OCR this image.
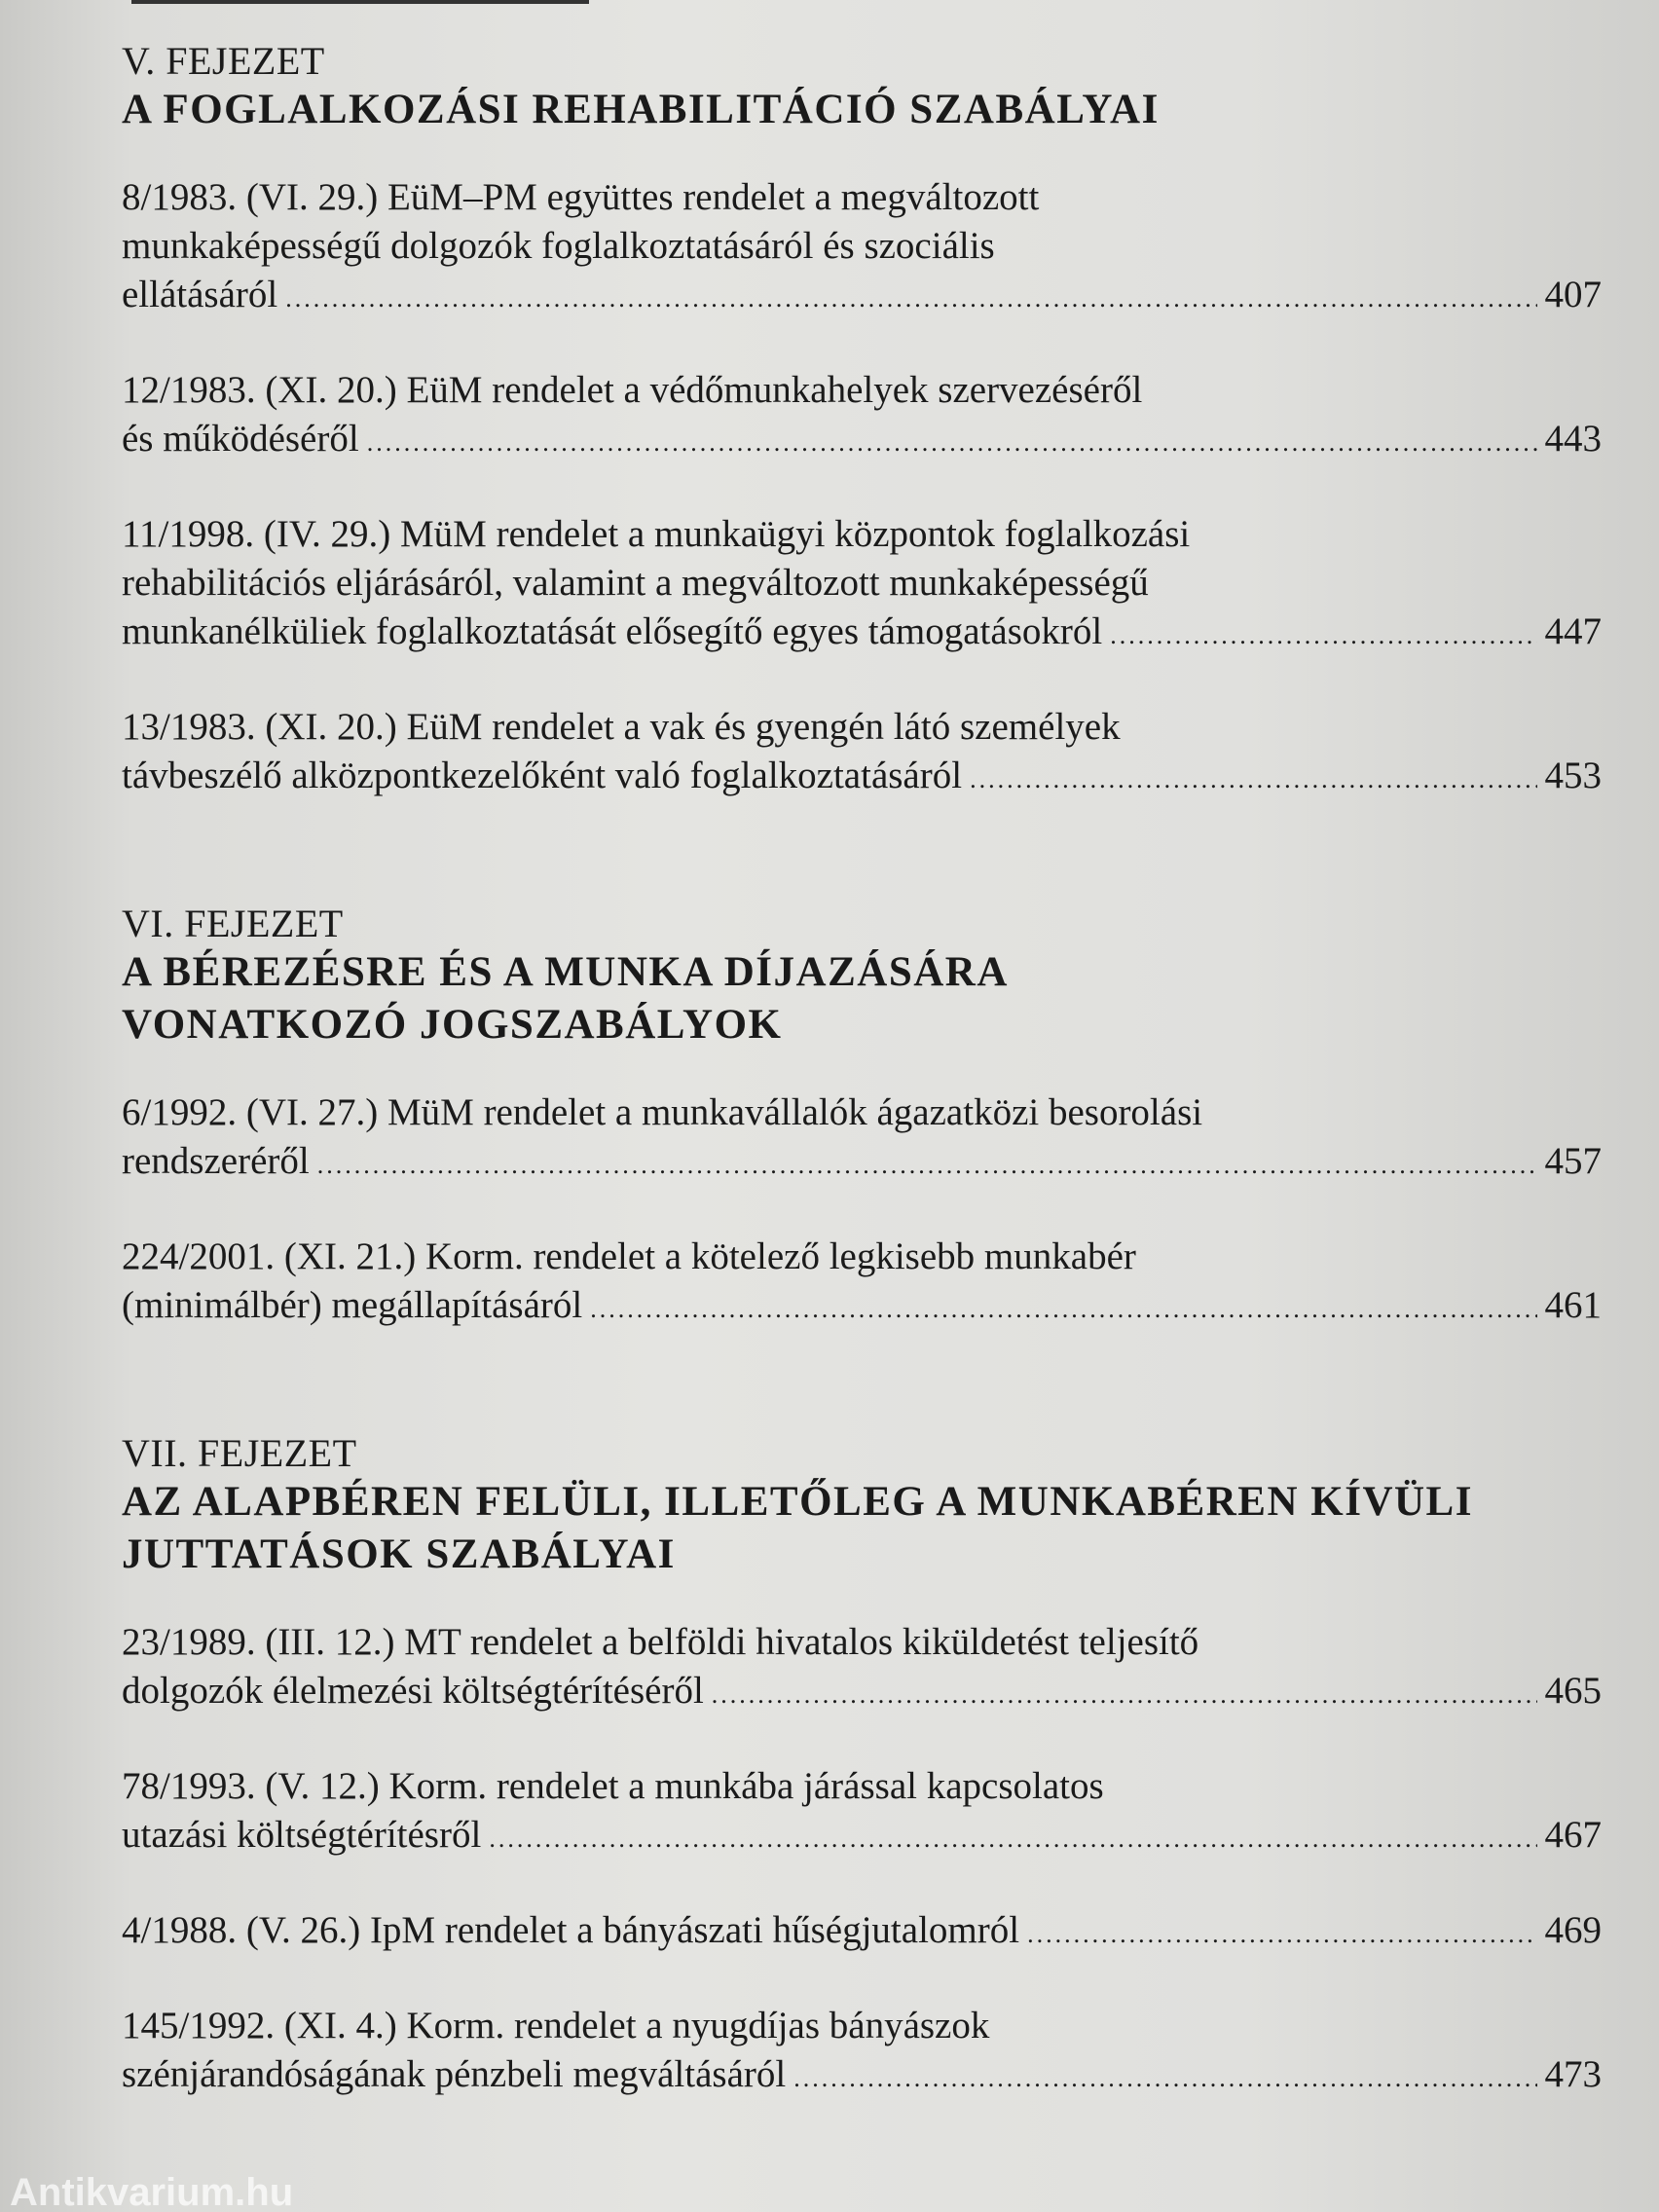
V. FEJEZET
A FOGLALKOZÁSI REHABILITÁCIÓ SZABÁLYAI
8/1983. (VI. 29.) EüM–PM együttes rendelet a megváltozott
munkaképességű dolgozók foglalkoztatásáról és szociális
ellátásáról .....	407
12/1983. (XI. 20.) EüM rendelet a védőmunkahelyek szervezéséről
és működéséről .....	443
11/1998. (IV. 29.) MüM rendelet a munkaügyi központok foglalkozási
rehabilitációs eljárásáról, valamint a megváltozott munkaképességű
munkanélküliek foglalkoztatását elősegítő egyes támogatásokról .....	447
13/1983. (XI. 20.) EüM rendelet a vak és gyengén látó személyek
távbeszélő alközpontkezelőként való foglalkoztatásáról .....	453
VI. FEJEZET
A BÉREZÉSRE ÉS A MUNKA DÍJAZÁSÁRA
VONATKOZÓ JOGSZABÁLYOK
6/1992. (VI. 27.) MüM rendelet a munkavállalók ágazatközi besorolási
rendszeréről .....	457
224/2001. (XI. 21.) Korm. rendelet a kötelező legkisebb munkabér
(minimálbér) megállapításáról .....	461
VII. FEJEZET
AZ ALAPBÉREN FELÜLI, ILLETŐLEG A MUNKABÉREN KÍVÜLI
JUTTATÁSOK SZABÁLYAI
23/1989. (III. 12.) MT rendelet a belföldi hivatalos kiküldetést teljesítő
dolgozók élelmezési költségtérítéséről .....	465
78/1993. (V. 12.) Korm. rendelet a munkába járással kapcsolatos
utazási költségtérítésről .....	467
4/1988. (V. 26.) IpM rendelet a bányászati hűségjutalomról .....	469
145/1992. (XI. 4.) Korm. rendelet a nyugdíjas bányászok
szénjárandóságának pénzbeli megváltásáról .....	473
Antikvarium.hu
